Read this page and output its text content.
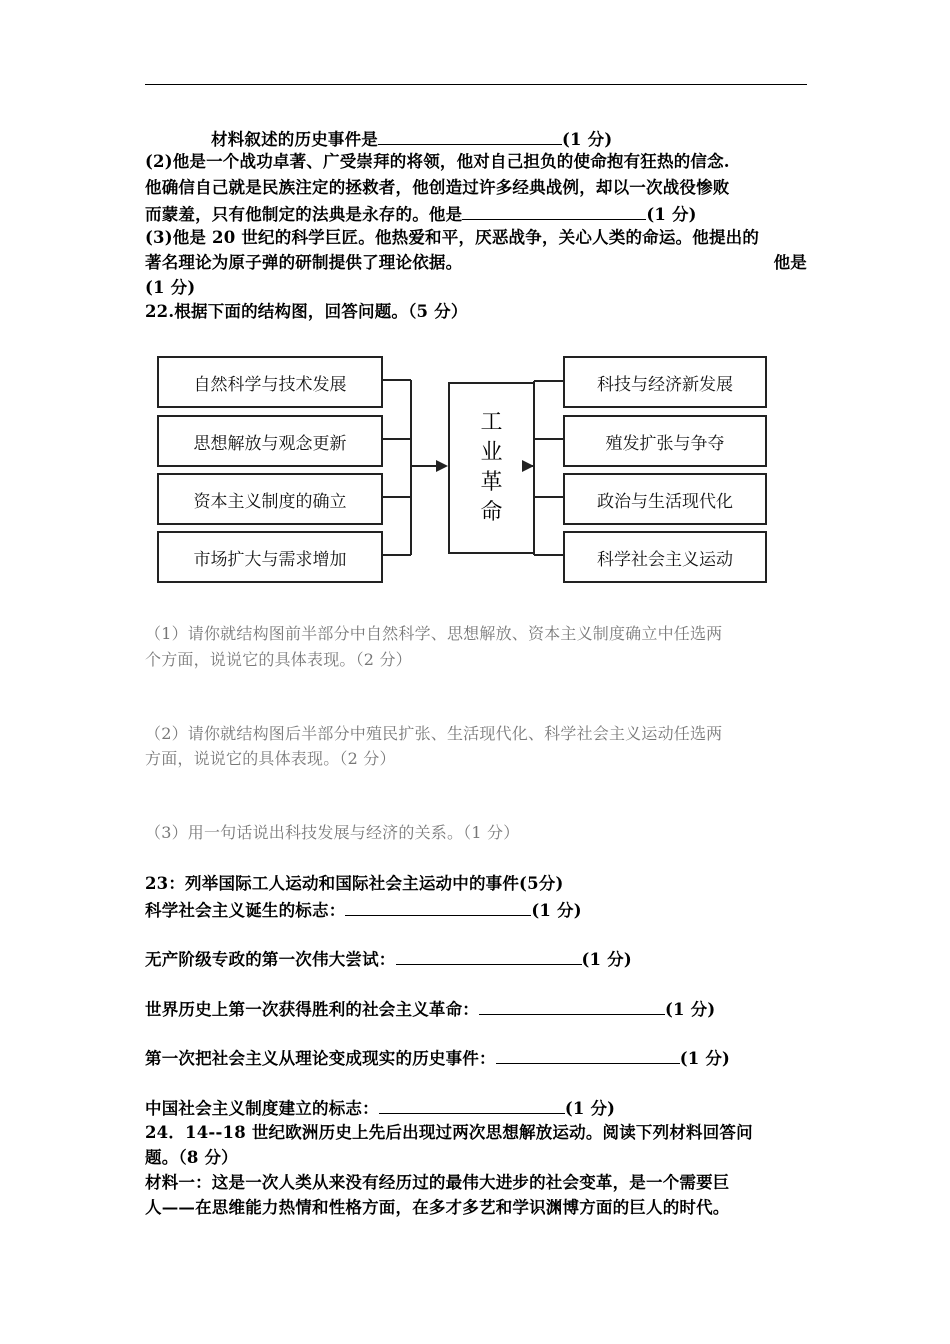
材料叙述的历史事件是	(1 分)
(2)他是一个战功卓著、广受崇拜的将领，他对自己担负的使命抱有狂热的信念.
他确信自己就是民族注定的拯救者，他创造过许多经典战例，却以一次战役惨败
而蒙羞，只有他制定的法典是永存的。他是	(1 分)
(3)他是 20 世纪的科学巨匠。他热爱和平，厌恶战争，关心人类的命运。他提出的
著名理论为原子弹的研制提供了理论依据。	他是
(1 分)
22.根据下面的结构图，回答问题。（5 分）
自然科学与技术发展
思想解放与观念更新
资本主义制度的确立
市场扩大与需求增加
工
业
革
命
科技与经济新发展
殖发扩张与争夺
政治与生活现代化
科学社会主义运动
（1）请你就结构图前半部分中自然科学、思想解放、资本主义制度确立中任选两
个方面，说说它的具体表现。（2 分）
（2）请你就结构图后半部分中殖民扩张、生活现代化、科学社会主义运动任选两
方面，说说它的具体表现。（2 分）
（3）用一句话说出科技发展与经济的关系。（1 分）
23：列举国际工人运动和国际社会主运动中的事件(5分)
科学社会主义诞生的标志：	(1 分)
无产阶级专政的第一次伟大尝试：	(1 分)
世界历史上第一次获得胜利的社会主义革命：	(1 分)
第一次把社会主义从理论变成现实的历史事件：	(1 分)
中国社会主义制度建立的标志：	(1 分)
24．14--18 世纪欧洲历史上先后出现过两次思想解放运动。阅读下列材料回答问
题。（8 分）
材料一：这是一次人类从来没有经历过的最伟大进步的社会变革，是一个需要巨
人——在思维能力热情和性格方面，在多才多艺和学识渊博方面的巨人的时代。
